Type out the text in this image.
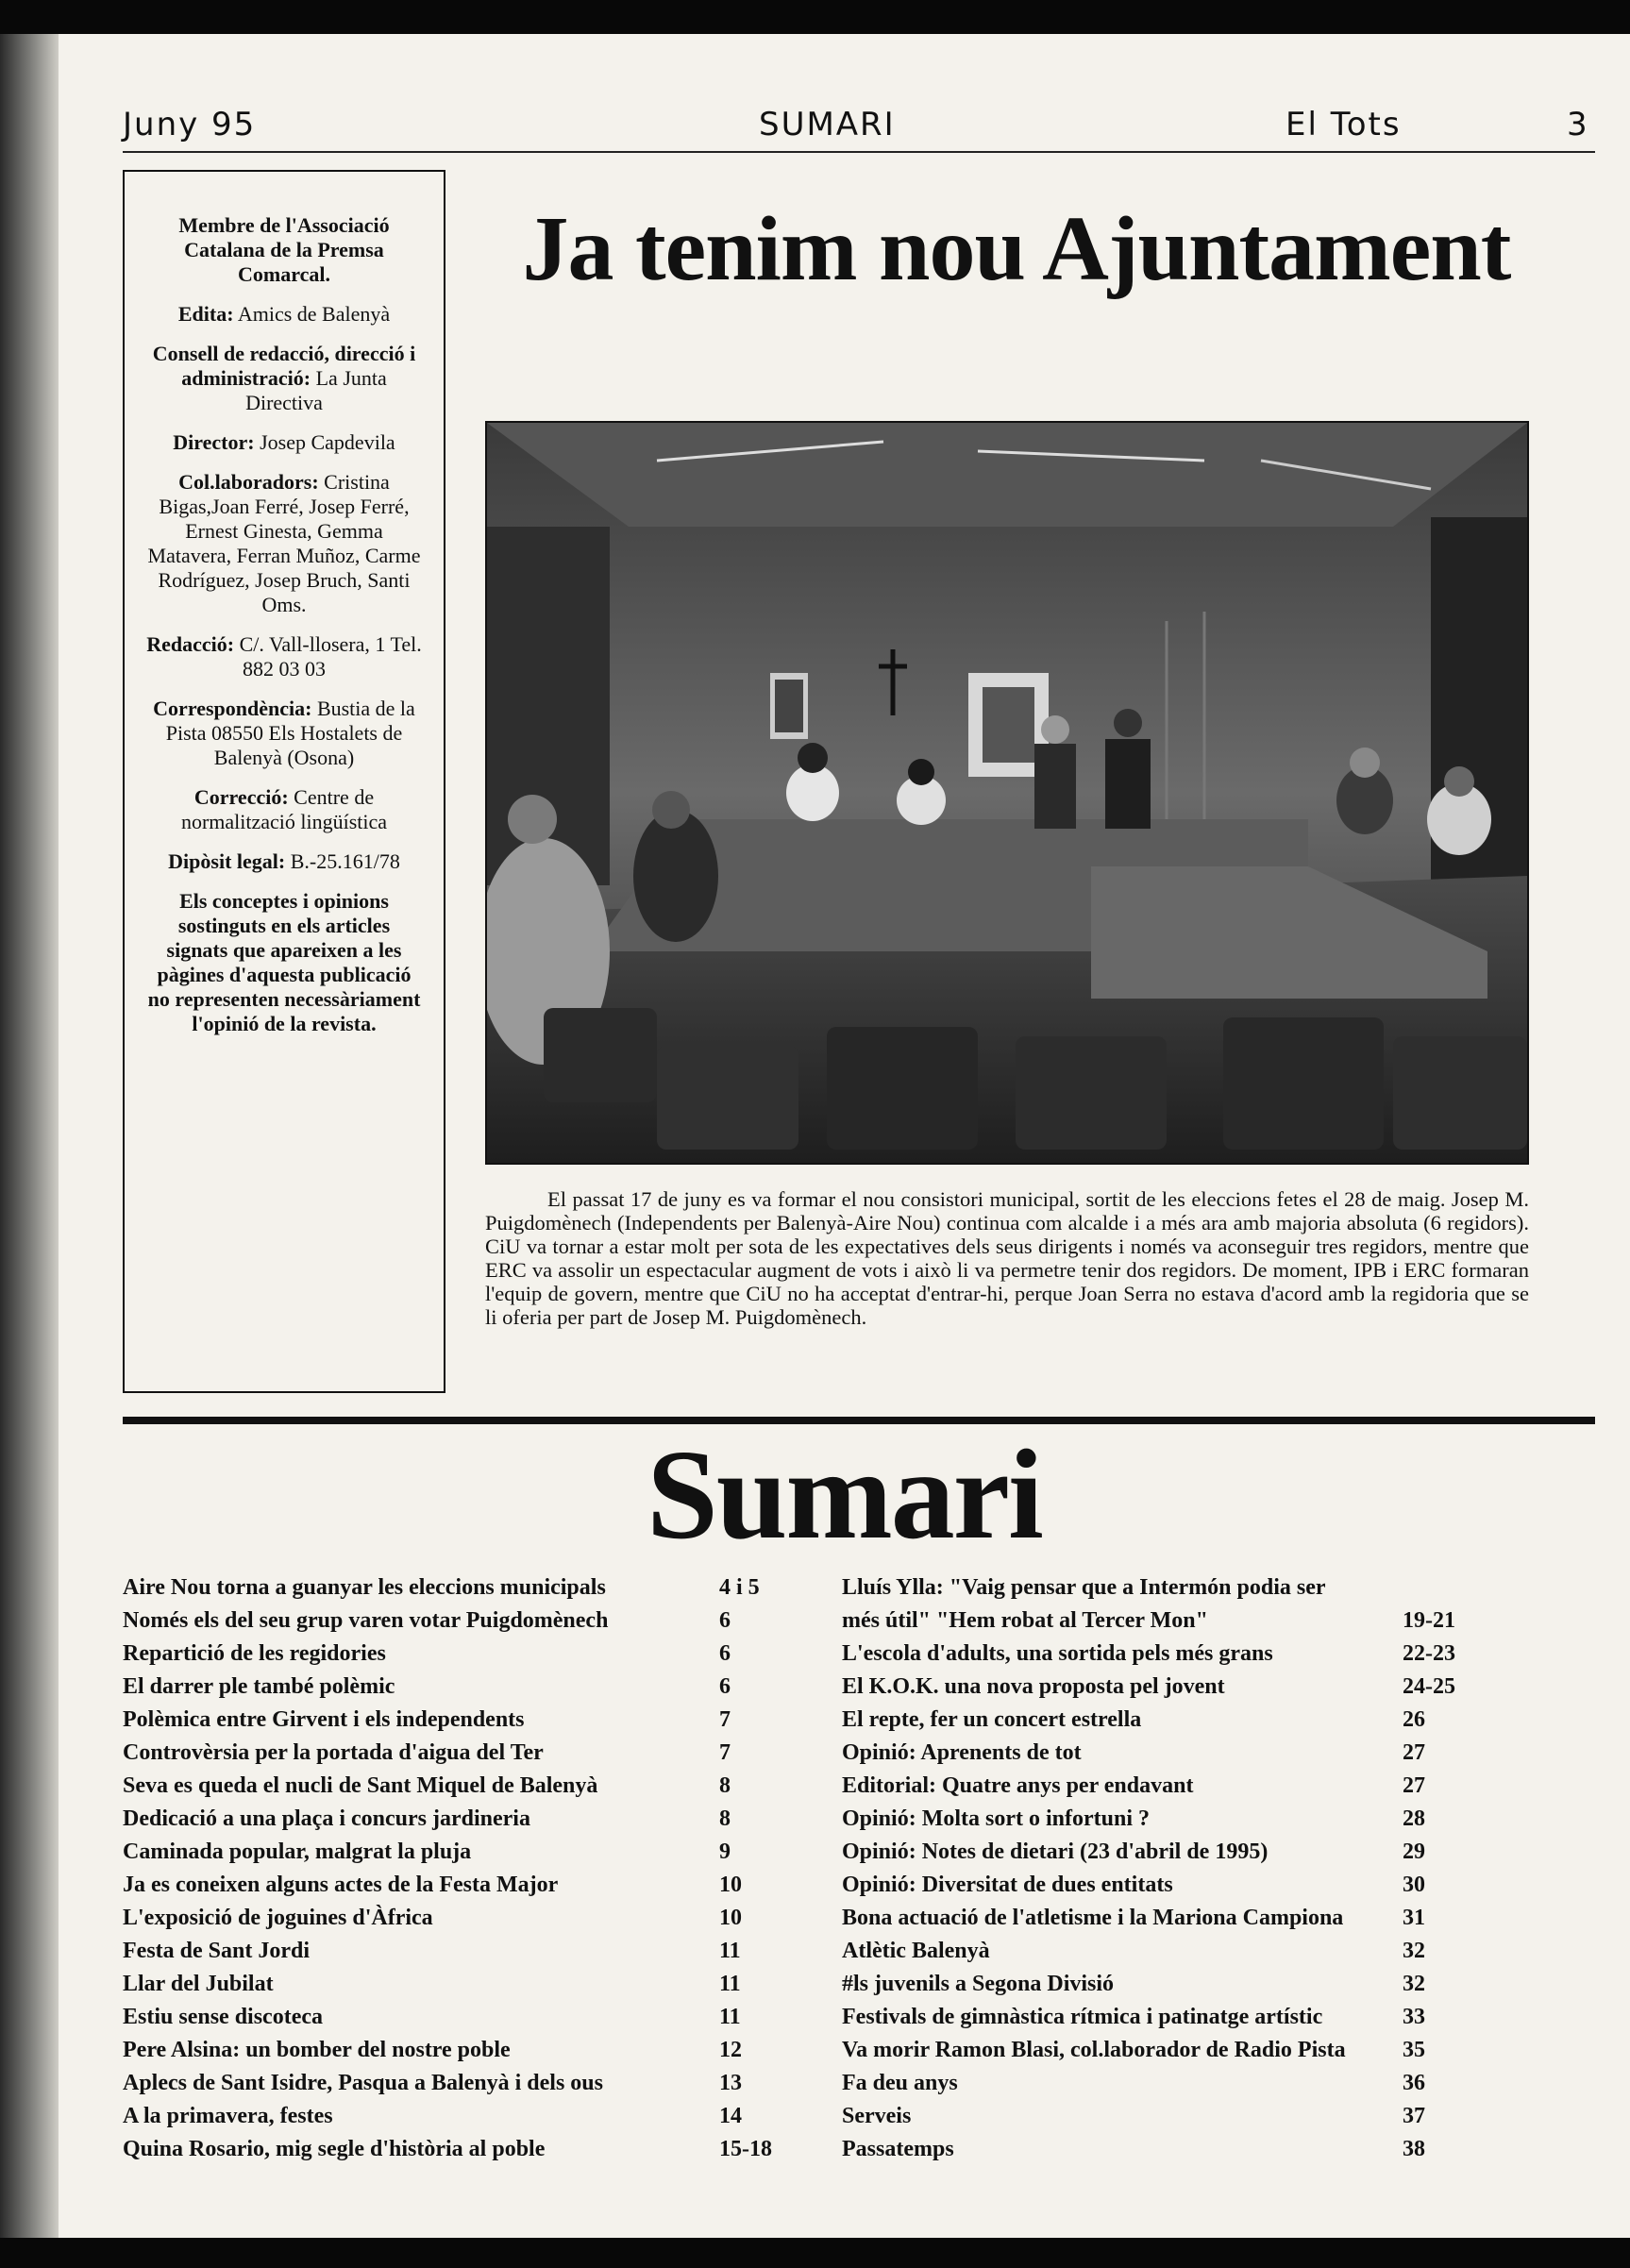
Juny 95	SUMARI	El Tots	3
Membre de l'Associació Catalana de la Premsa Comarcal.
Edita: Amics de Balenyà
Consell de redacció, direcció i administració: La Junta Directiva
Director: Josep Capdevila
Col.laboradors: Cristina Bigas,Joan Ferré, Josep Ferré, Ernest Ginesta, Gemma Matavera, Ferran Muñoz, Carme Rodríguez, Josep Bruch, Santi Oms.
Redacció: C/. Vall-llosera, 1 Tel. 882 03 03
Correspondència: Bustia de la Pista 08550 Els Hostalets de Balenyà (Osona)
Correcció: Centre de normalització lingüística
Dipòsit legal: B.-25.161/78
Els conceptes i opinions sostinguts en els articles signats que apareixen a les pàgines d'aquesta publicació no representen necessàriament l'opinió de la revista.
Ja tenim nou Ajuntament
El passat 17 de juny es va formar el nou consistori municipal, sortit de les eleccions fetes el 28 de maig. Josep M. Puigdomènech (Independents per Balenyà-Aire Nou) continua com alcalde i a més ara amb majoria absoluta (6 regidors). CiU va tornar a estar molt per sota de les expectatives dels seus dirigents i només va aconseguir tres regidors, mentre que ERC va assolir un espectacular augment de vots i això li va permetre tenir dos regidors. De moment, IPB i ERC formaran l'equip de govern, mentre que CiU no ha acceptat d'entrar-hi, perque Joan Serra no estava d'acord amb la regidoria que se li oferia per part de Josep M. Puigdomènech.
Sumari
Aire Nou torna a guanyar les eleccions municipals	4 i 5
Només els del seu grup varen votar Puigdomènech	6
Repartició de les regidories	6
El darrer ple també polèmic	6
Polèmica entre Girvent i els independents	7
Controvèrsia per la portada d'aigua del Ter	7
Seva es queda el nucli de Sant Miquel de Balenyà	8
Dedicació a una plaça i concurs jardineria	8
Caminada popular, malgrat la pluja	9
Ja es coneixen alguns actes de la Festa Major	10
L'exposició de joguines d'Àfrica	10
Festa de Sant Jordi	11
Llar del Jubilat	11
Estiu sense discoteca	11
Pere Alsina: un bomber del nostre poble	12
Aplecs de Sant Isidre, Pasqua a Balenyà i dels ous	13
A la primavera, festes	14
Quina Rosario, mig segle d'història al poble	15-18
Lluís Ylla: "Vaig pensar que a Intermón podia ser
més útil" "Hem robat al Tercer Mon"	19-21
L'escola d'adults, una sortida pels més grans	22-23
El K.O.K. una nova proposta pel jovent	24-25
El repte, fer un concert estrella	26
Opinió: Aprenents de tot	27
Editorial: Quatre anys per endavant	27
Opinió: Molta sort o infortuni ?	28
Opinió: Notes de dietari (23 d'abril de 1995)	29
Opinió: Diversitat de dues entitats	30
Bona actuació de l'atletisme i la Mariona Campiona	31
Atlètic Balenyà	32
#ls juvenils a Segona Divisió	32
Festivals de gimnàstica rítmica i patinatge artístic	33
Va morir Ramon Blasi, col.laborador de Radio Pista	35
Fa deu anys	36
Serveis	37
Passatemps	38
